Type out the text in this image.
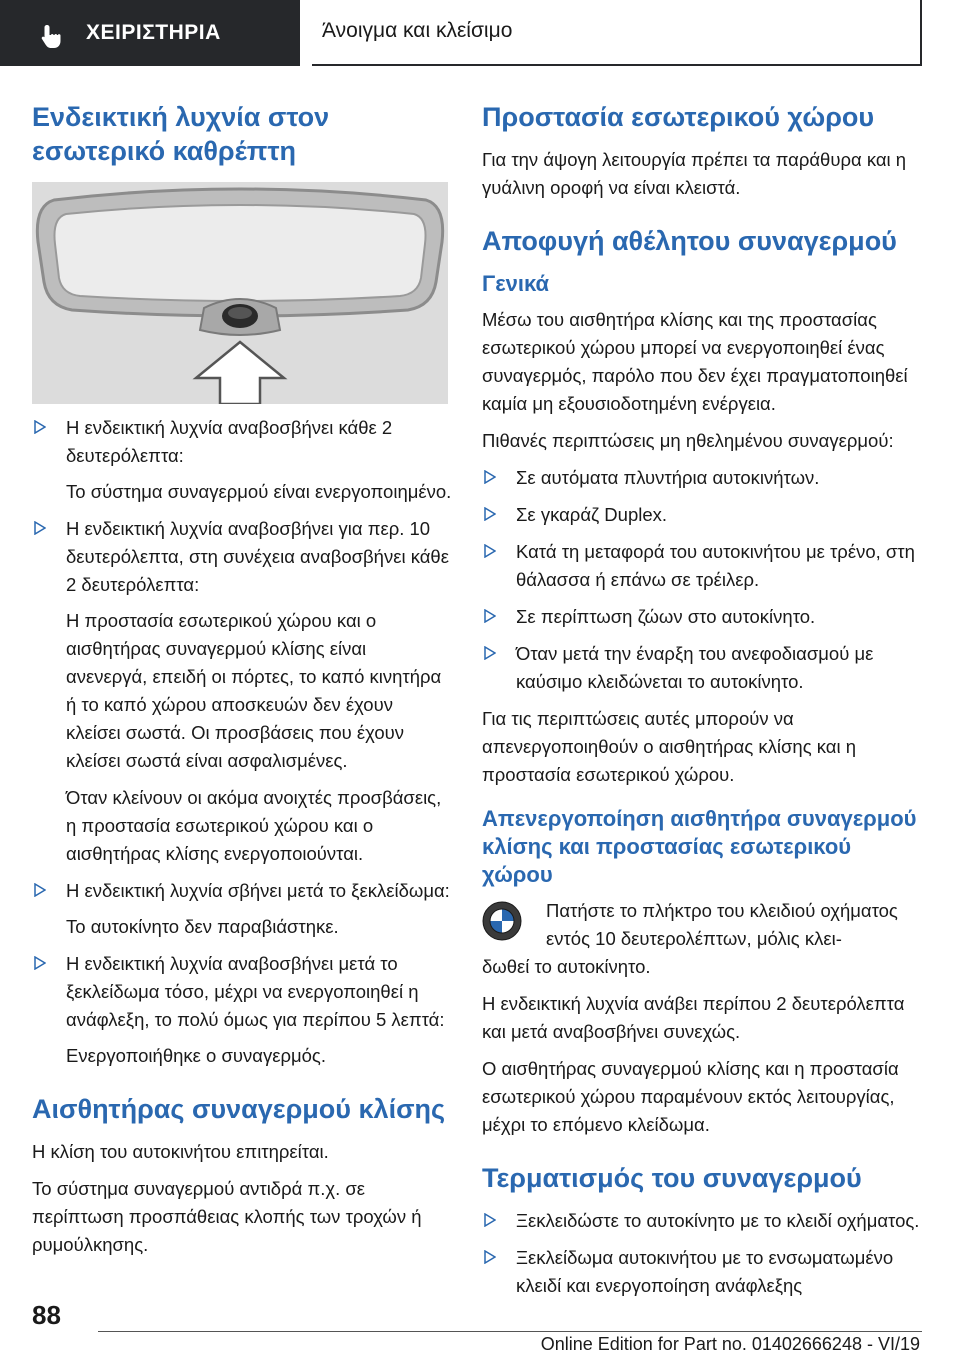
ΧΕΙΡΙΣΤΗΡΙΑ	Άνοιγμα και κλείσιμο
Ενδεικτική λυχνία στον εσωτερικό καθρέπτη
Η ενδεικτική λυχνία αναβοσβήνει κάθε 2 δευτερόλεπτα:
Το σύστημα συναγερμού είναι ενεργοποιημένο.
Η ενδεικτική λυχνία αναβοσβήνει για περ. 10 δευτερόλεπτα, στη συνέχεια αναβοσβήνει κάθε 2 δευτερόλεπτα:
Η προστασία εσωτερικού χώρου και ο αισθητήρας συναγερμού κλίσης είναι ανενεργά, επειδή οι πόρτες, το καπό κινητήρα ή το καπό χώρου αποσκευών δεν έχουν κλείσει σωστά. Οι προσβάσεις που έχουν κλείσει σωστά είναι ασφαλισμένες.
Όταν κλείνουν οι ακόμα ανοιχτές προσβάσεις, η προστασία εσωτερικού χώρου και ο αισθητήρας κλίσης ενεργοποιούνται.
Η ενδεικτική λυχνία σβήνει μετά το ξεκλείδωμα:
Το αυτοκίνητο δεν παραβιάστηκε.
Η ενδεικτική λυχνία αναβοσβήνει μετά το ξεκλείδωμα τόσο, μέχρι να ενεργοποιηθεί η ανάφλεξη, το πολύ όμως για περίπου 5 λεπτά:
Ενεργοποιήθηκε ο συναγερμός.
Αισθητήρας συναγερμού κλίσης

Η κλίση του αυτοκινήτου επιτηρείται.

Το σύστημα συναγερμού αντιδρά π.χ. σε περίπτωση προσπάθειας κλοπής των τροχών ή ρυμούλκησης.

Προστασία εσωτερικού χώρου

Για την άψογη λειτουργία πρέπει τα παράθυρα και η γυάλινη οροφή να είναι κλειστά.

Αποφυγή αθέλητου συναγερμού
Γενικά

Μέσω του αισθητήρα κλίσης και της προστασίας εσωτερικού χώρου μπορεί να ενεργοποιηθεί ένας συναγερμός, παρόλο που δεν έχει πραγματοποιηθεί καμία μη εξουσιοδοτημένη ενέργεια.

Πιθανές περιπτώσεις μη ηθελημένου συναγερμού:

Σε αυτόματα πλυντήρια αυτοκινήτων.
Σε γκαράζ Duplex.
Κατά τη μεταφορά του αυτοκινήτου με τρένο, στη θάλασσα ή επάνω σε τρέιλερ.
Σε περίπτωση ζώων στο αυτοκίνητο.
Όταν μετά την έναρξη του ανεφοδιασμού με καύσιμο κλειδώνεται το αυτοκίνητο.

Για τις περιπτώσεις αυτές μπορούν να απενεργοποιηθούν ο αισθητήρας κλίσης και η προστασία εσωτερικού χώρου.

Απενεργοποίηση αισθητήρα συναγερμού κλίσης και προστασίας εσωτερικού χώρου

Πατήστε το πλήκτρο του κλειδιού οχήματος εντός 10 δευτερολέπτων, μόλις κλει-

δωθεί το αυτοκίνητο.

Η ενδεικτική λυχνία ανάβει περίπου 2 δευτερόλεπτα και μετά αναβοσβήνει συνεχώς.

Ο αισθητήρας συναγερμού κλίσης και η προστασία εσωτερικού χώρου παραμένουν εκτός λειτουργίας, μέχρι το επόμενο κλείδωμα.

Τερματισμός του συναγερμού
Ξεκλειδώστε το αυτοκίνητο με το κλειδί οχήματος.
Ξεκλείδωμα αυτοκινήτου με το ενσωματωμένο κλειδί και ενεργοποίηση ανάφλεξης
88
Online Edition for Part no. 01402666248 - VI/19
